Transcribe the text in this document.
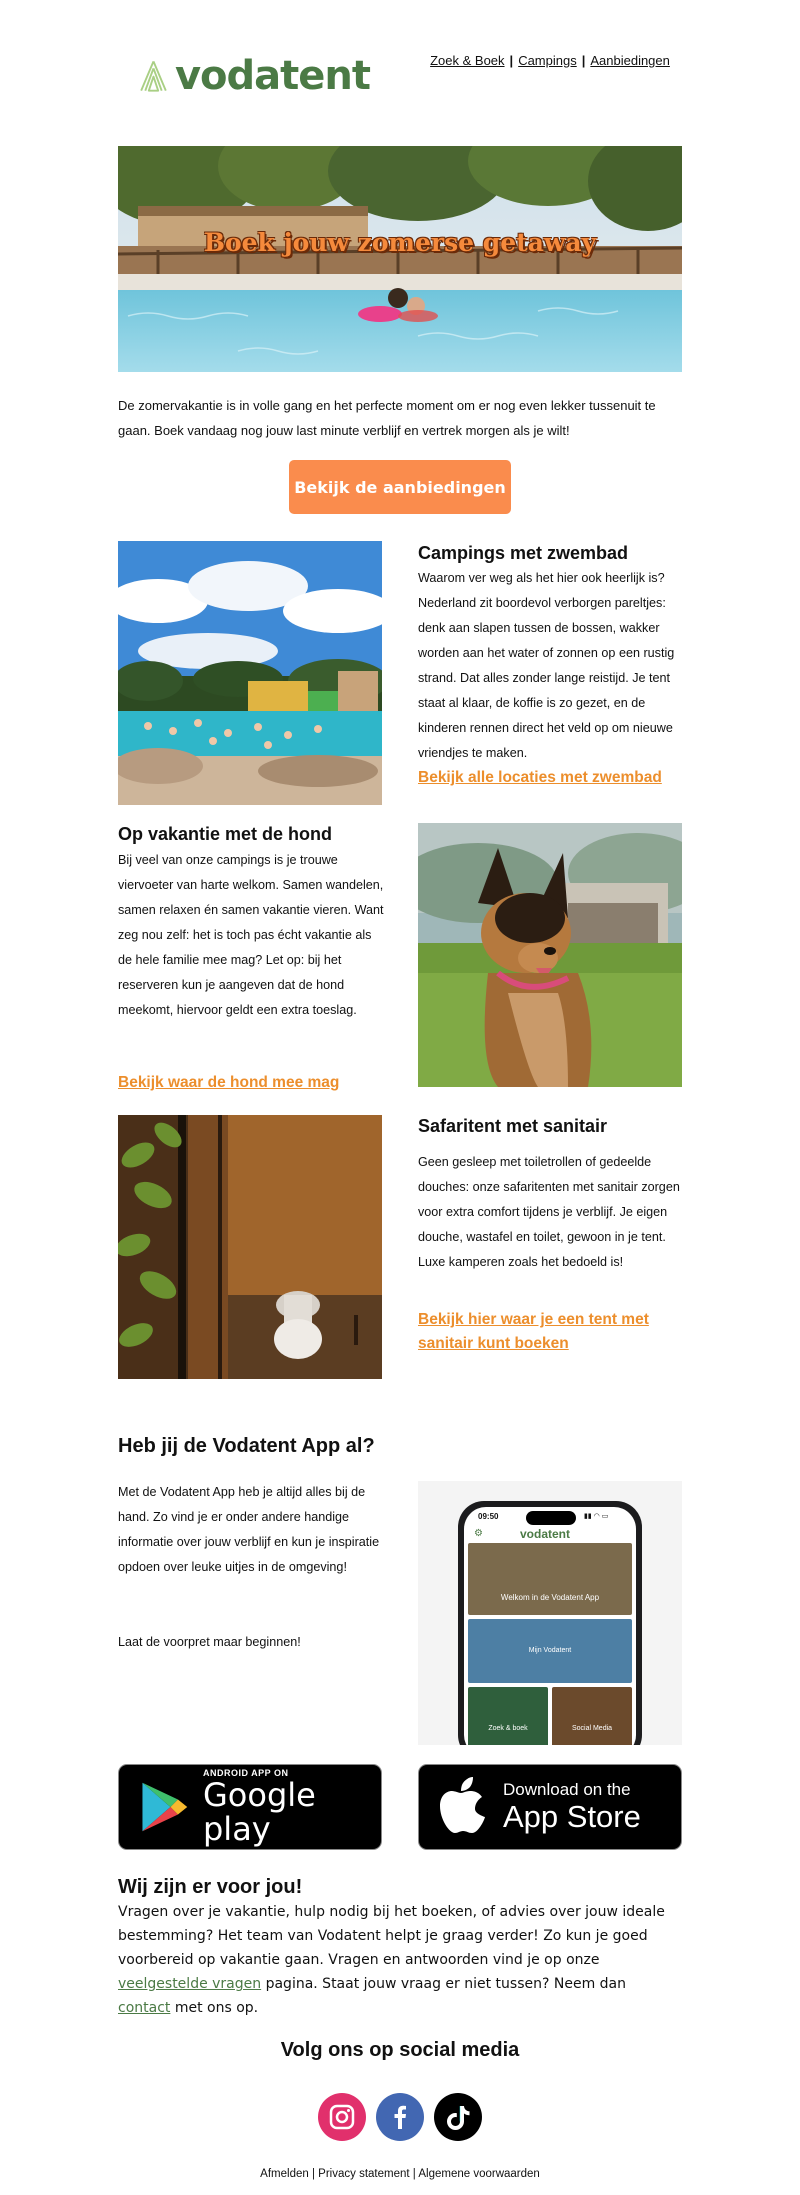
vodatent	Zoek & Boek | Campings | Aanbiedingen
Boek jouw zomerse getaway

De zomervakantie is in volle gang en het perfecte moment om er nog even lekker tussenuit te gaan. Boek vandaag nog jouw last minute verblijf en vertrek morgen als je wilt!

Bekijk de aanbiedingen
Campings met zwembad

Waarom ver weg als het hier ook heerlijk is? Nederland zit boordevol verborgen pareltjes: denk aan slapen tussen de bossen, wakker worden aan het water of zonnen op een rustig strand. Dat alles zonder lange reistijd. Je tent staat al klaar, de koffie is zo gezet, en de kinderen rennen direct het veld op om nieuwe vriendjes te maken.

Bekijk alle locaties met zwembad
Op vakantie met de hond

Bij veel van onze campings is je trouwe viervoeter van harte welkom. Samen wandelen, samen relaxen én samen vakantie vieren. Want zeg nou zelf: het is toch pas écht vakantie als de hele familie mee mag? Let op: bij het reserveren kun je aangeven dat de hond meekomt, hiervoor geldt een extra toeslag.

Bekijk waar de hond mee mag
Safaritent met sanitair

Geen gesleep met toiletrollen of gedeelde douches: onze safaritenten met sanitair zorgen voor extra comfort tijdens je verblijf. Je eigen douche, wastafel en toilet, gewoon in je tent. Luxe kamperen zoals het bedoeld is!

Bekijk hier waar je een tent met sanitair kunt boeken
Heb jij de Vodatent App al?

Met de Vodatent App heb je altijd alles bij de hand. Zo vind je er onder andere handige informatie over jouw verblijf en kun je inspiratie opdoen over leuke uitjes in de omgeving!

Laat de voorpret maar beginnen!

09:50	▮▮ ◠ ▭
⚙	vodatent
Welkom in de Vodatent App
Mijn Vodatent
Zoek & boek	Social Media
ANDROID APP ON
Google play
Download on the
App Store
Wij zijn er voor jou!

Vragen over je vakantie, hulp nodig bij het boeken, of advies over jouw ideale bestemming? Het team van Vodatent helpt je graag verder! Zo kun je goed voorbereid op vakantie gaan. Vragen en antwoorden vind je op onze veelgestelde vragen pagina. Staat jouw vraag er niet tussen? Neem dan contact met ons op.

Volg ons op social media
Afmelden | Privacy statement | Algemene voorwaarden
